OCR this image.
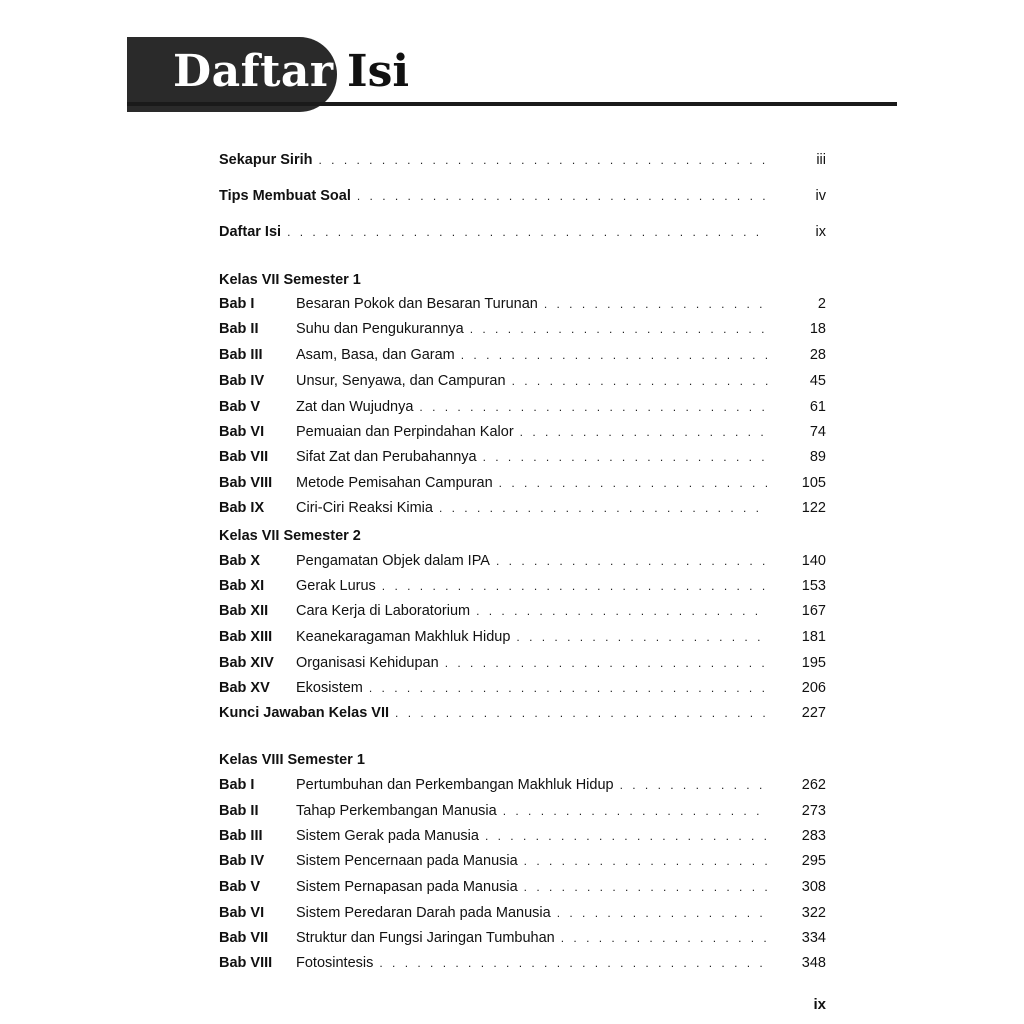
Daftar Isi
Sekapur Sirih . . .	iii
Tips Membuat Soal . . .	iv
Daftar Isi . . .	ix
Kelas VII Semester 1
Bab I	Besaran Pokok dan Besaran Turunan . . .	2
Bab II	Suhu dan Pengukurannya . . .	18
Bab III	Asam, Basa, dan Garam . . .	28
Bab IV	Unsur, Senyawa, dan Campuran . . .	45
Bab V	Zat dan Wujudnya . . .	61
Bab VI	Pemuaian dan Perpindahan Kalor . . .	74
Bab VII	Sifat Zat dan Perubahannya . . .	89
Bab VIII	Metode Pemisahan Campuran . . .	105
Bab IX	Ciri-Ciri Reaksi Kimia . . .	122
Kelas VII Semester 2
Bab X	Pengamatan Objek dalam IPA . . .	140
Bab XI	Gerak Lurus . . .	153
Bab XII	Cara Kerja di Laboratorium . . .	167
Bab XIII	Keanekaragaman Makhluk Hidup . . .	181
Bab XIV	Organisasi Kehidupan . . .	195
Bab XV	Ekosistem . . .	206
Kunci Jawaban Kelas VII . . .	227
Kelas VIII Semester 1
Bab I	Pertumbuhan dan Perkembangan Makhluk Hidup . . .	262
Bab II	Tahap Perkembangan Manusia . . .	273
Bab III	Sistem Gerak pada Manusia . . .	283
Bab IV	Sistem Pencernaan pada Manusia . . .	295
Bab V	Sistem Pernapasan pada Manusia . . .	308
Bab VI	Sistem Peredaran Darah pada Manusia . . .	322
Bab VII	Struktur dan Fungsi Jaringan Tumbuhan . . .	334
Bab VIII	Fotosintesis . . .	348
ix
